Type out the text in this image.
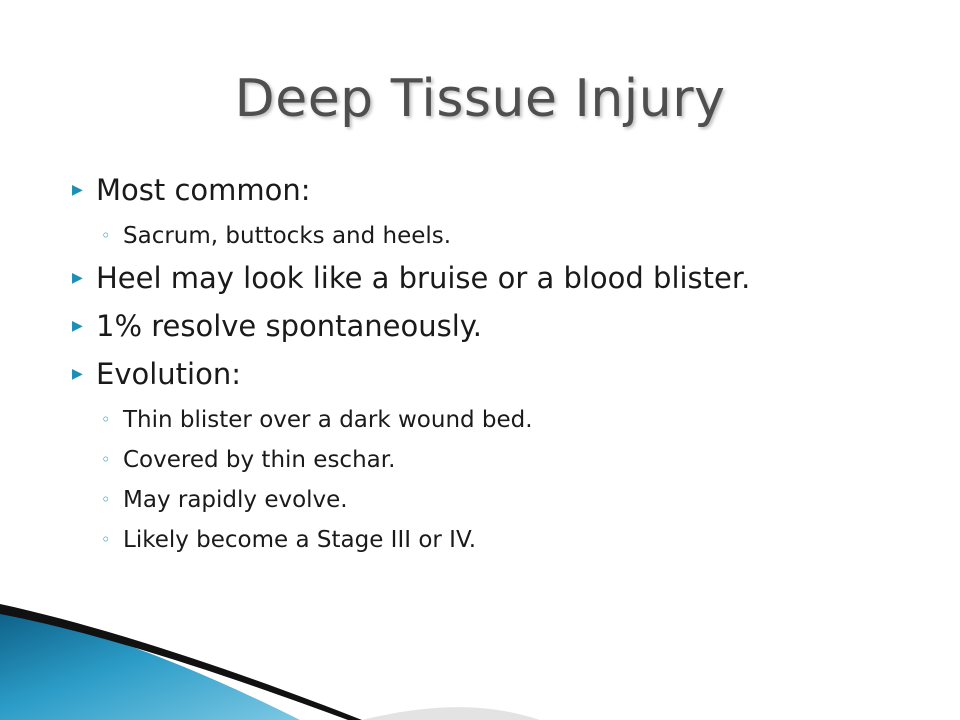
Deep Tissue Injury
▶ Most common:
◦ Sacrum, buttocks and heels.
▶ Heel may look like a bruise or a blood blister.
▶ 1% resolve spontaneously.
▶ Evolution:
◦ Thin blister over a dark wound bed.
◦ Covered by thin eschar.
◦ May rapidly evolve.
◦ Likely become a Stage III or IV.
